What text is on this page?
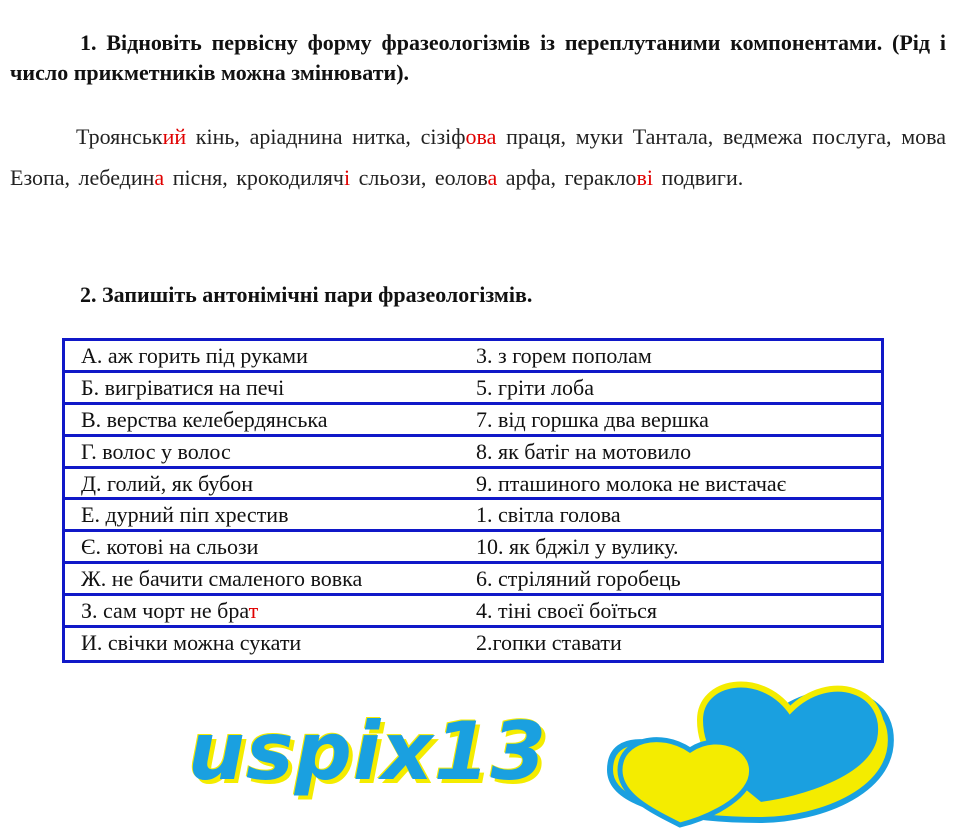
1. Відновіть первісну форму фразеологізмів із переплутаними компонентами. (Рід і число прикметників можна змінювати).
Троянський кінь, аріаднина нитка, сізіфова праця, муки Тантала, ведмежа послуга, мова Езопа, лебедина пісня, крокодилячі сльози, еолова арфа, гераклові подвиги.
2. Запишіть антонімічні пари фразеологізмів.
А. аж горить під руками	3. з горем пополам
Б. вигріватися на печі	5. гріти лоба
В. верства келебердянська	7. від горшка два вершка
Г. волос у волос	8. як батіг на мотовило
Д. голий, як бубон	9. пташиного молока не вистачає
Е. дурний піп хрестив	1. світла голова
Є. котові на сльози	10. як бджіл у вулику.
Ж. не бачити смаленого вовка	6. стріляний горобець
З. сам чорт не брат	4. тіні своєї боїться
И. свічки можна сукати	2.гопки ставати
uspix13
